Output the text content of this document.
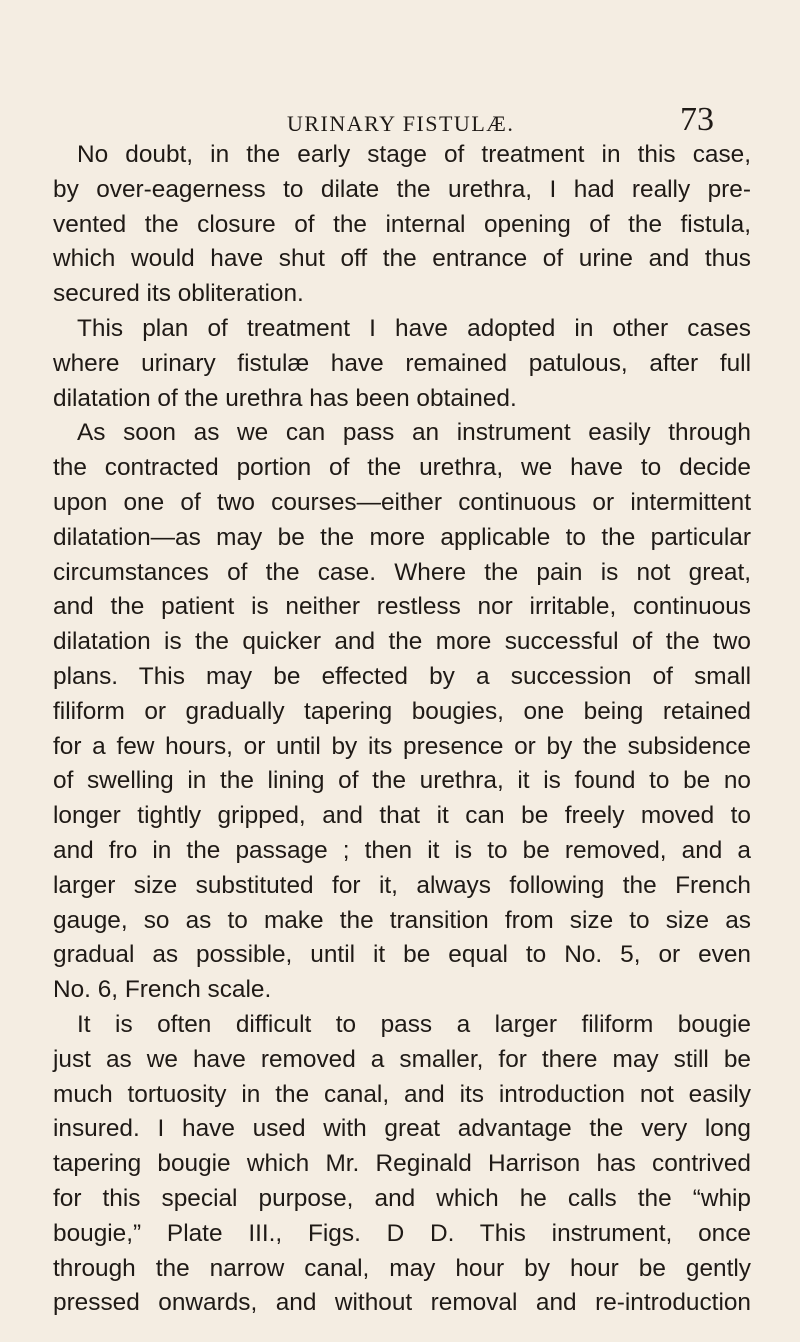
URINARY FISTULÆ.	73
No doubt, in the early stage of treatment in this case,
by over-eagerness to dilate the urethra, I had really pre-
vented the closure of the internal opening of the fistula,
which would have shut off the entrance of urine and thus
secured its obliteration.
This plan of treatment I have adopted in other cases
where urinary fistulæ have remained patulous, after full
dilatation of the urethra has been obtained.
As soon as we can pass an instrument easily through
the contracted portion of the urethra, we have to decide
upon one of two courses—either continuous or intermittent
dilatation—as may be the more applicable to the particular
circumstances of the case. Where the pain is not great,
and the patient is neither restless nor irritable, continuous
dilatation is the quicker and the more successful of the two
plans. This may be effected by a succession of small
filiform or gradually tapering bougies, one being retained
for a few hours, or until by its presence or by the subsidence
of swelling in the lining of the urethra, it is found to be no
longer tightly gripped, and that it can be freely moved to
and fro in the passage ; then it is to be removed, and a
larger size substituted for it, always following the French
gauge, so as to make the transition from size to size as
gradual as possible, until it be equal to No. 5, or even
No. 6, French scale.
It is often difficult to pass a larger filiform bougie
just as we have removed a smaller, for there may still be
much tortuosity in the canal, and its introduction not easily
insured. I have used with great advantage the very long
tapering bougie which Mr. Reginald Harrison has contrived
for this special purpose, and which he calls the “whip
bougie,” Plate III., Figs. D D. This instrument, once
through the narrow canal, may hour by hour be gently
pressed onwards, and without removal and re-introduction
